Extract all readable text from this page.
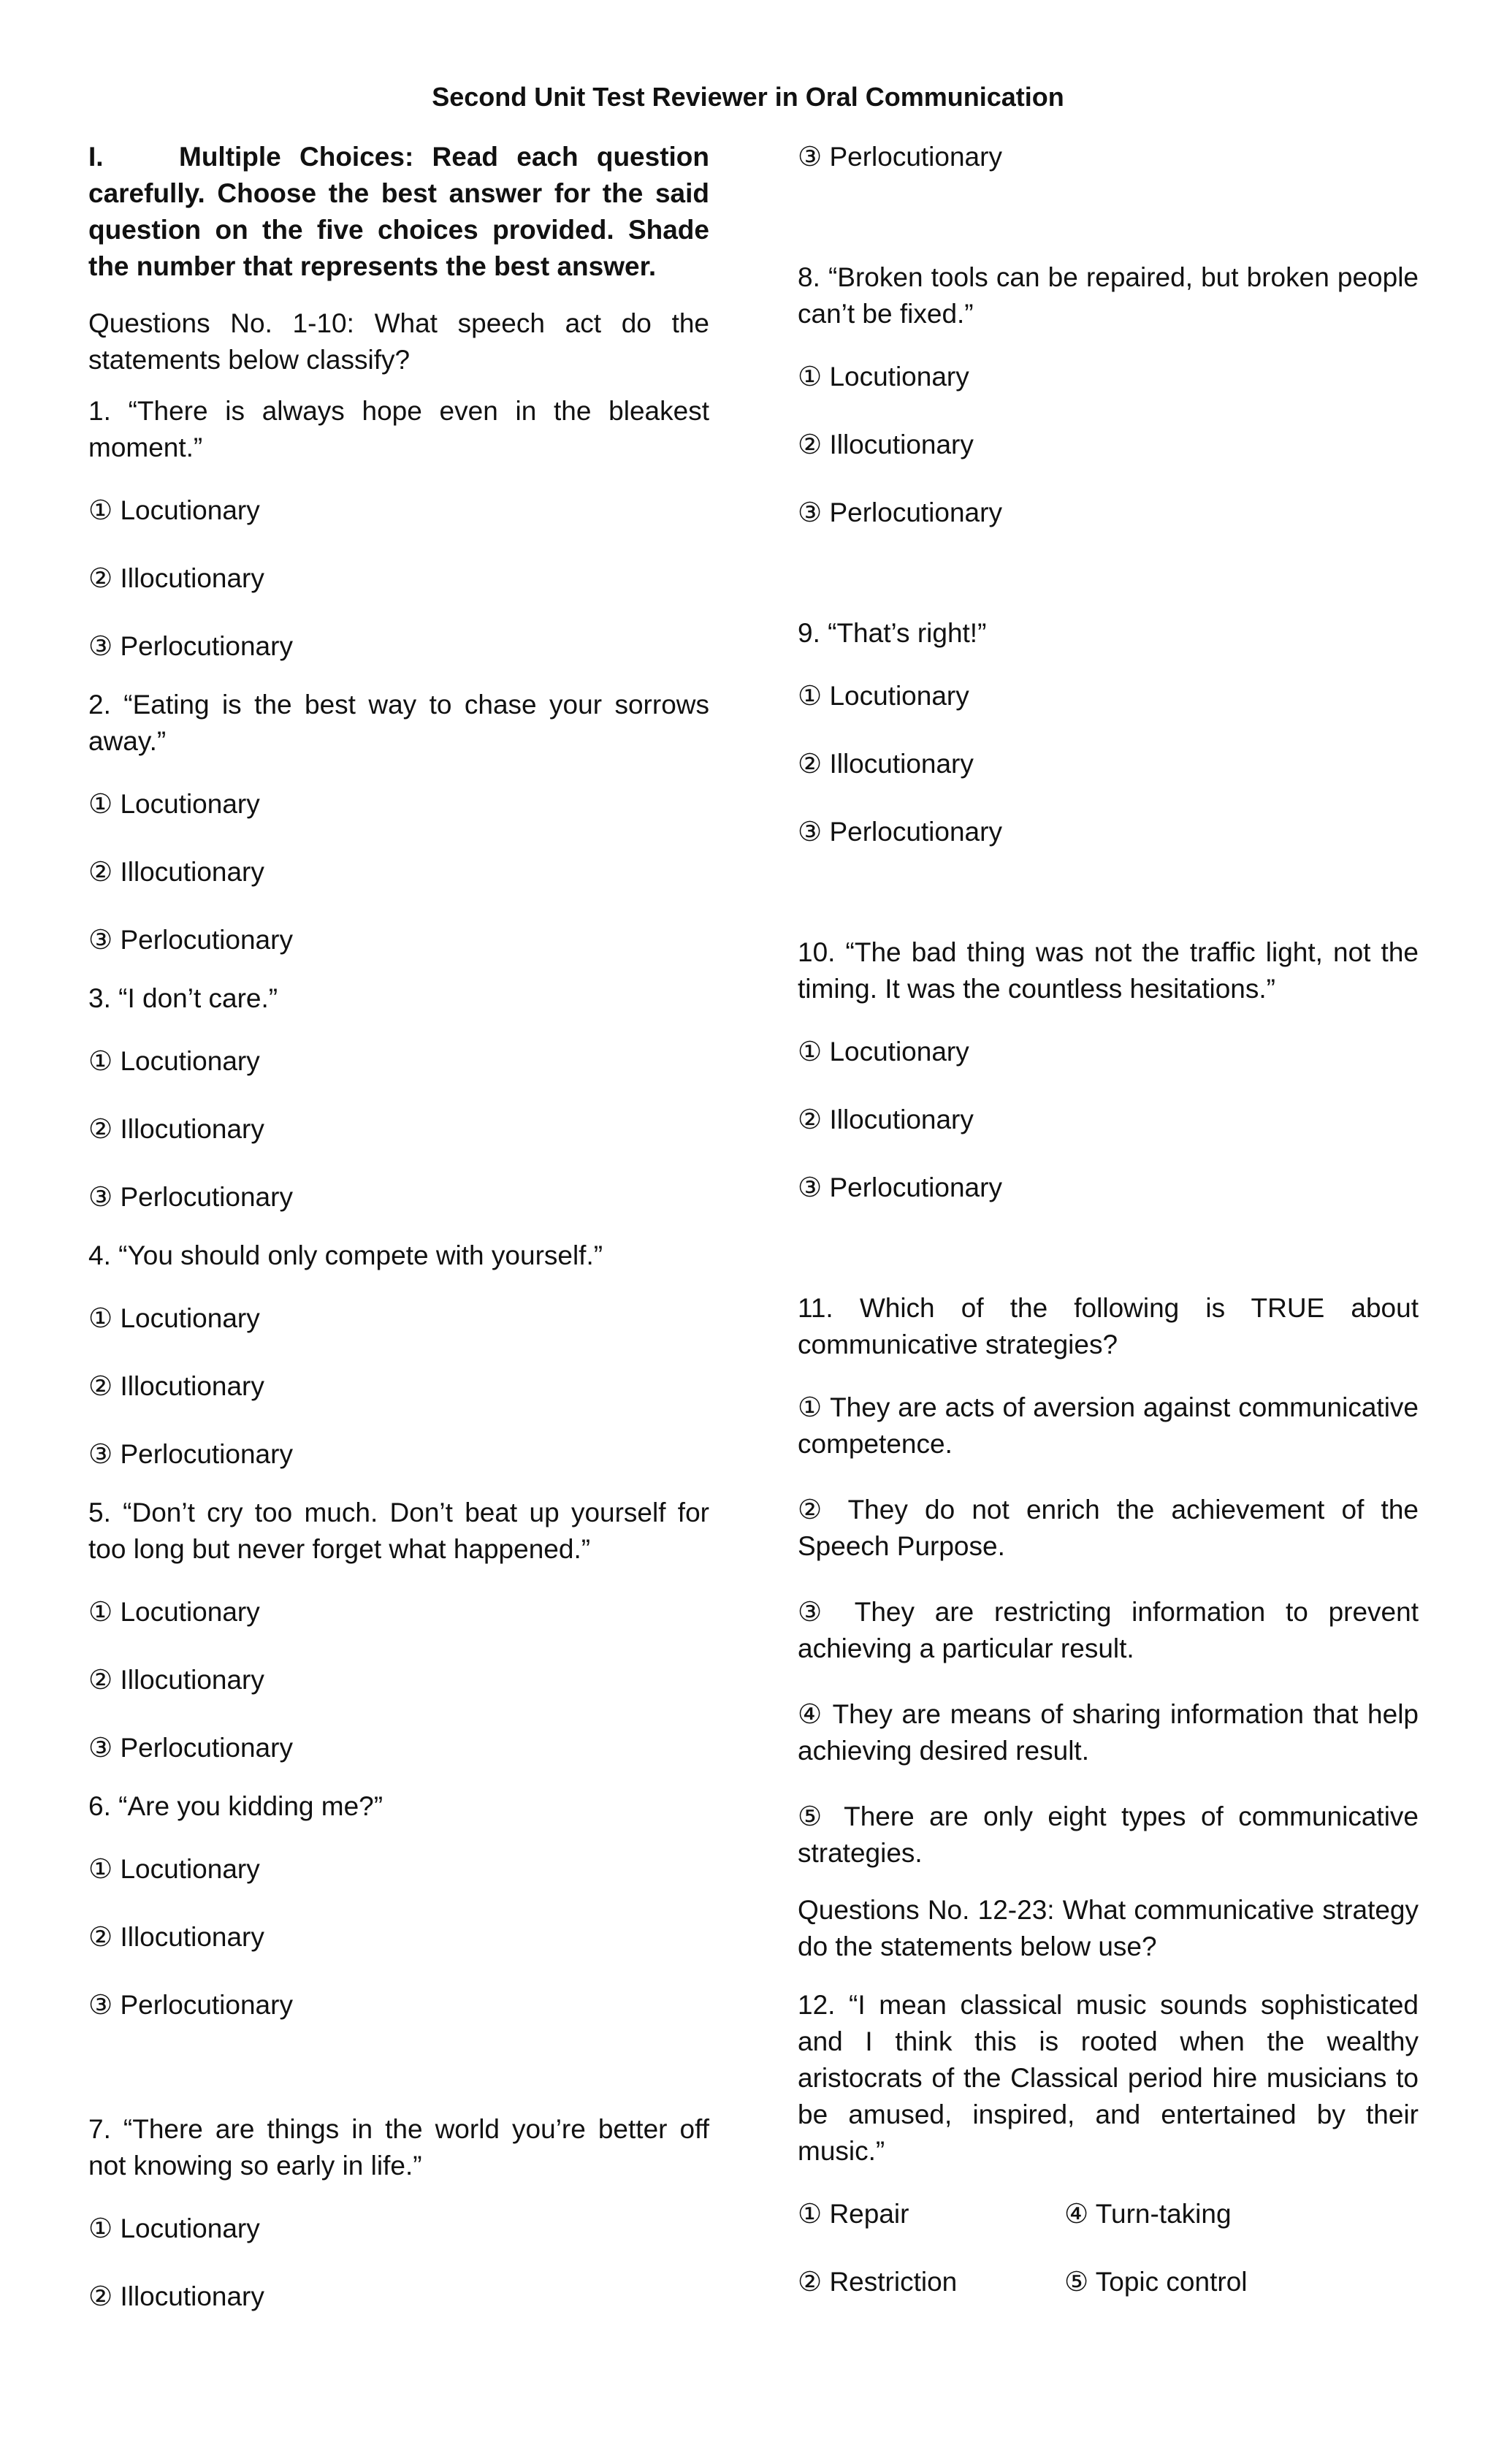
Second Unit Test Reviewer in Oral Communication
I.	Multiple Choices: Read each question carefully. Choose the best answer for the said question on the five choices provided. Shade the number that represents the best answer.
Questions No. 1-10: What speech act do the statements below classify?
1. “There is always hope even in the bleakest moment.”
① Locutionary
② Illocutionary
③ Perlocutionary
2. “Eating is the best way to chase your sorrows away.”
① Locutionary
② Illocutionary
③ Perlocutionary
3. “I don’t care.”
① Locutionary
② Illocutionary
③ Perlocutionary
4. “You should only compete with yourself.”
① Locutionary
② Illocutionary
③ Perlocutionary
5. “Don’t cry too much. Don’t beat up yourself for too long but never forget what happened.”
① Locutionary
② Illocutionary
③ Perlocutionary
6. “Are you kidding me?”
① Locutionary
② Illocutionary
③ Perlocutionary
7. “There are things in the world you’re better off not knowing so early in life.”
① Locutionary
② Illocutionary
③ Perlocutionary
8. “Broken tools can be repaired, but broken people can’t be fixed.”
① Locutionary
② Illocutionary
③ Perlocutionary
9. “That’s right!”
① Locutionary
② Illocutionary
③ Perlocutionary
10. “The bad thing was not the traffic light, not the timing. It was the countless hesitations.”
① Locutionary
② Illocutionary
③ Perlocutionary
11. Which of the following is TRUE about communicative strategies?
① They are acts of aversion against communicative competence.
② They do not enrich the achievement of the Speech Purpose.
③ They are restricting information to prevent achieving a particular result.
④ They are means of sharing information that help achieving desired result.
⑤ There are only eight types of communicative strategies.
Questions No. 12-23: What communicative strategy do the statements below use?
12. “I mean classical music sounds sophisticated and I think this is rooted when the wealthy aristocrats of the Classical period hire musicians to be amused, inspired, and entertained by their music.”
① Repair	④ Turn-taking
② Restriction	⑤ Topic control
